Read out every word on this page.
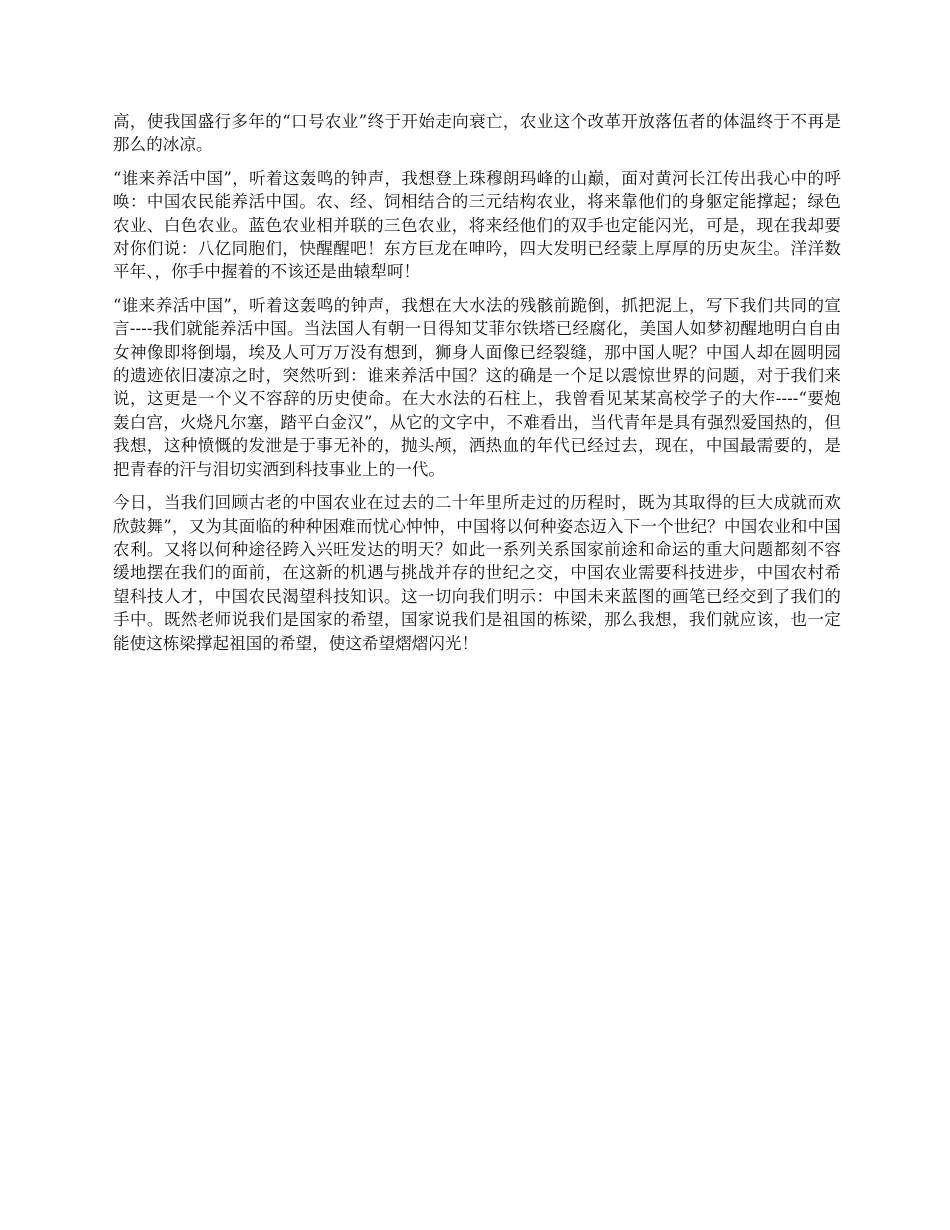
高，使我国盛行多年的“口号农业”终于开始走向衰亡，农业这个改革开放落伍者的体温终于不再是那么的冰凉。

“谁来养活中国”，听着这轰鸣的钟声，我想登上珠穆朗玛峰的山巅，面对黄河长江传出我心中的呼唤：中国农民能养活中国。农、经、饲相结合的三元结构农业，将来靠他们的身躯定能撑起；绿色农业、白色农业。蓝色农业相并联的三色农业，将来经他们的双手也定能闪光，可是，现在我却要对你们说：八亿同胞们，快醒醒吧！东方巨龙在呻吟，四大发明已经蒙上厚厚的历史灰尘。洋洋数平年、，你手中握着的不该还是曲辕犁呵！

“谁来养活中国”，听着这轰鸣的钟声，我想在大水法的残骸前跪倒，抓把泥上，写下我们共同的宣言----我们就能养活中国。当法国人有朝一日得知艾菲尔铁塔已经腐化，美国人如梦初醒地明白自由女神像即将倒塌，埃及人可万万没有想到，狮身人面像已经裂缝，那中国人呢？中国人却在圆明园的遗迹依旧凄凉之时，突然听到：谁来养活中国？这的确是一个足以震惊世界的问题，对于我们来说，这更是一个义不容辞的历史使命。在大水法的石柱上，我曾看见某某高校学子的大作----“要炮轰白宫，火烧凡尔塞，踏平白金汉”，从它的文字中，不难看出，当代青年是具有强烈爱国热的，但我想，这种愤慨的发泄是于事无补的，抛头颅，洒热血的年代已经过去，现在，中国最需要的，是把青春的汗与泪切实洒到科技事业上的一代。

今日，当我们回顾古老的中国农业在过去的二十年里所走过的历程时，既为其取得的巨大成就而欢欣鼓舞”，又为其面临的种种困难而忧心忡忡，中国将以何种姿态迈入下一个世纪？中国农业和中国农利。又将以何种途径跨入兴旺发达的明天？如此一系列关系国家前途和命运的重大问题都刻不容缓地摆在我们的面前，在这新的机遇与挑战并存的世纪之交，中国农业需要科技进步，中国农村希望科技人才，中国农民渴望科技知识。这一切向我们明示：中国未来蓝图的画笔已经交到了我们的手中。既然老师说我们是国家的希望，国家说我们是祖国的栋梁，那么我想，我们就应该，也一定能使这栋梁撑起祖国的希望，使这希望熠熠闪光！
